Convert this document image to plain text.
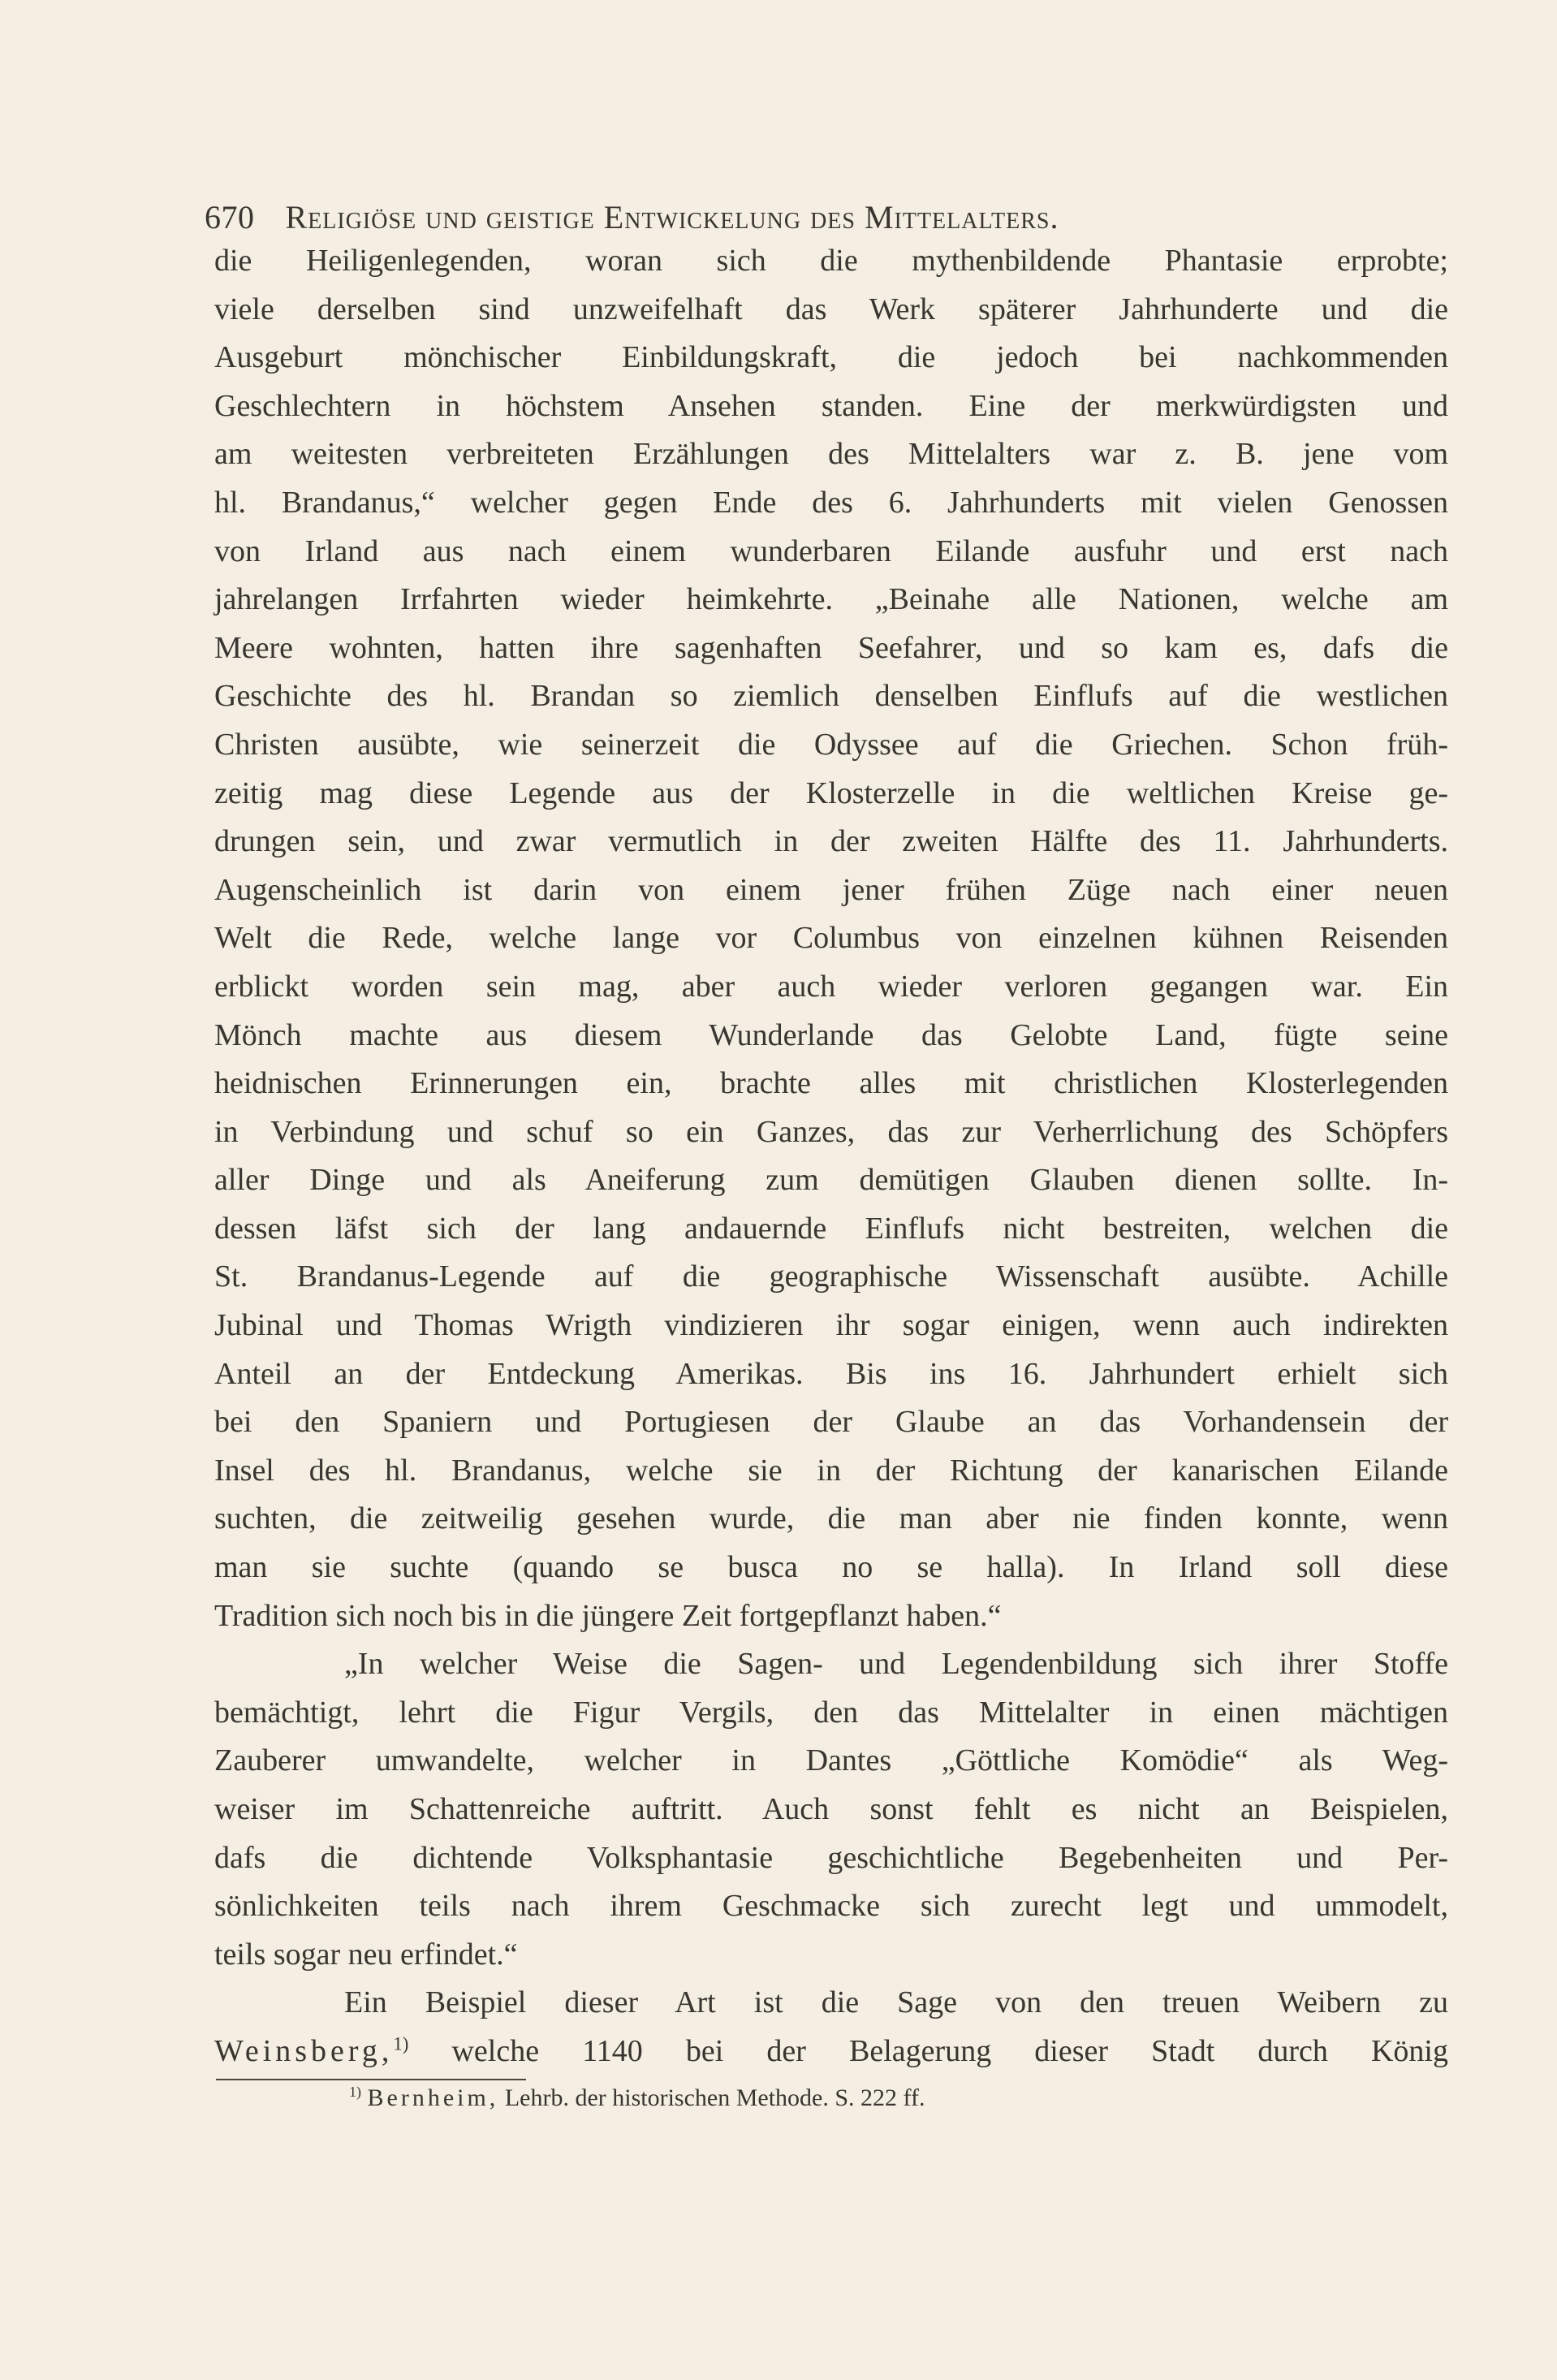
670 Religiöse und geistige Entwickelung des Mittelalters.
die Heiligenlegenden, woran sich die mythenbildende Phantasie erprobte;
viele derselben sind unzweifelhaft das Werk späterer Jahrhunderte und die
Ausgeburt mönchischer Einbildungskraft, die jedoch bei nachkommenden
Geschlechtern in höchstem Ansehen standen. Eine der merkwürdigsten und
am weitesten verbreiteten Erzählungen des Mittelalters war z. B. jene vom
hl. Brandanus,“ welcher gegen Ende des 6. Jahrhunderts mit vielen Genossen
von Irland aus nach einem wunderbaren Eilande ausfuhr und erst nach
jahrelangen Irrfahrten wieder heimkehrte. „Beinahe alle Nationen, welche am
Meere wohnten, hatten ihre sagenhaften Seefahrer, und so kam es, dafs die
Geschichte des hl. Brandan so ziemlich denselben Einflufs auf die westlichen
Christen ausübte, wie seinerzeit die Odyssee auf die Griechen. Schon früh-
zeitig mag diese Legende aus der Klosterzelle in die weltlichen Kreise ge-
drungen sein, und zwar vermutlich in der zweiten Hälfte des 11. Jahrhunderts.
Augenscheinlich ist darin von einem jener frühen Züge nach einer neuen
Welt die Rede, welche lange vor Columbus von einzelnen kühnen Reisenden
erblickt worden sein mag, aber auch wieder verloren gegangen war. Ein
Mönch machte aus diesem Wunderlande das Gelobte Land, fügte seine
heidnischen Erinnerungen ein, brachte alles mit christlichen Klosterlegenden
in Verbindung und schuf so ein Ganzes, das zur Verherrlichung des Schöpfers
aller Dinge und als Aneiferung zum demütigen Glauben dienen sollte. In-
dessen läfst sich der lang andauernde Einflufs nicht bestreiten, welchen die
St. Brandanus-Legende auf die geographische Wissenschaft ausübte. Achille
Jubinal und Thomas Wrigth vindizieren ihr sogar einigen, wenn auch indirekten
Anteil an der Entdeckung Amerikas. Bis ins 16. Jahrhundert erhielt sich
bei den Spaniern und Portugiesen der Glaube an das Vorhandensein der
Insel des hl. Brandanus, welche sie in der Richtung der kanarischen Eilande
suchten, die zeitweilig gesehen wurde, die man aber nie finden konnte, wenn
man sie suchte (quando se busca no se halla). In Irland soll diese
Tradition sich noch bis in die jüngere Zeit fortgepflanzt haben.“
„In welcher Weise die Sagen- und Legendenbildung sich ihrer Stoffe
bemächtigt, lehrt die Figur Vergils, den das Mittelalter in einen mächtigen
Zauberer umwandelte, welcher in Dantes „Göttliche Komödie“ als Weg-
weiser im Schattenreiche auftritt. Auch sonst fehlt es nicht an Beispielen,
dafs die dichtende Volksphantasie geschichtliche Begebenheiten und Per-
sönlichkeiten teils nach ihrem Geschmacke sich zurecht legt und ummodelt,
teils sogar neu erfindet.“
Ein Beispiel dieser Art ist die Sage von den treuen Weibern zu
Weinsberg,$^{1)}$ welche 1140 bei der Belagerung dieser Stadt durch König
$^{1)}$ Bernheim, Lehrb. der historischen Methode. S. 222 ff.
